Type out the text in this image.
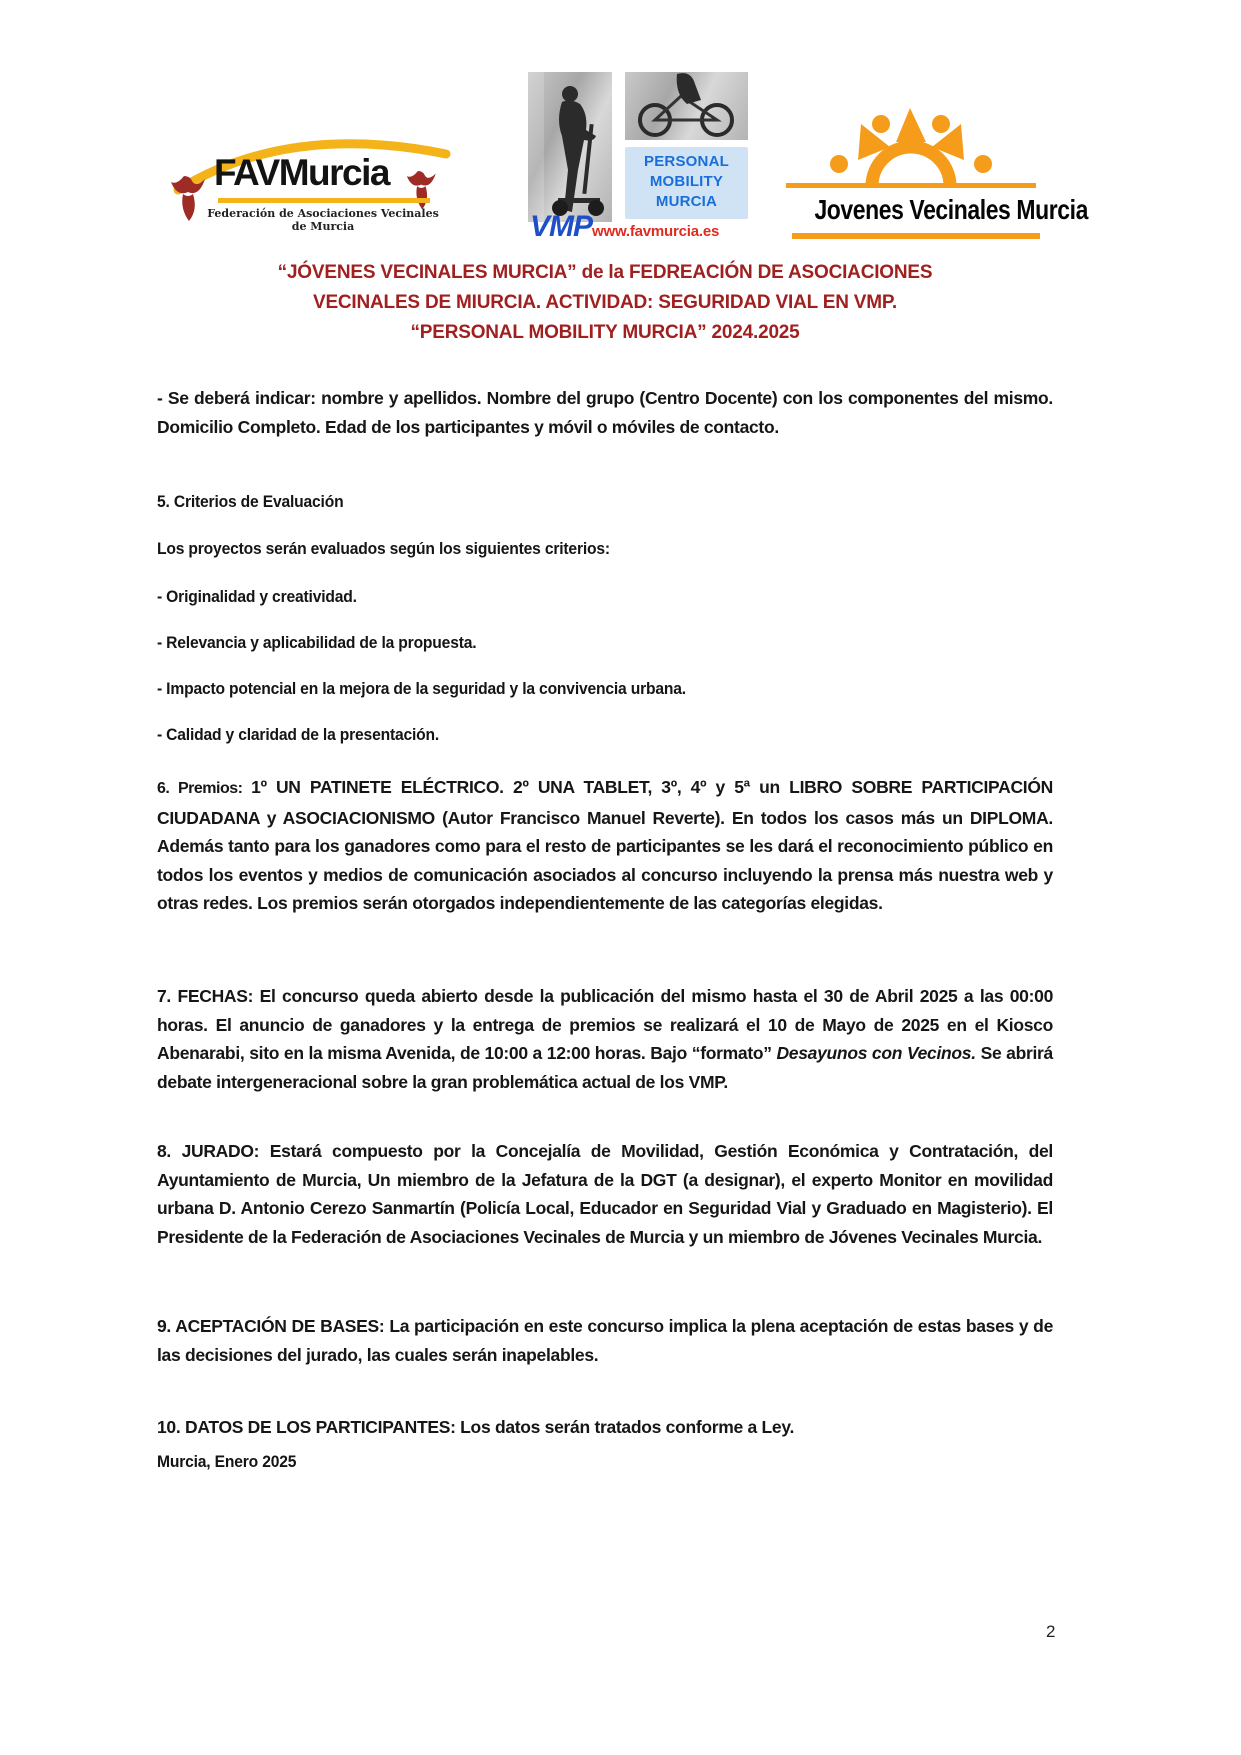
FAVMurcia
Federación de Asociaciones Vecinales de Murcia
PERSONAL
MOBILITY
MURCIA
VMPwww.favmurcia.es
Jovenes Vecinales Murcia
“JÓVENES VECINALES MURCIA” de la FEDREACIÓN DE ASOCIACIONES
VECINALES DE MIURCIA. ACTIVIDAD: SEGURIDAD VIAL EN VMP.
“PERSONAL MOBILITY MURCIA” 2024.2025
- Se deberá indicar: nombre y apellidos. Nombre del grupo (Centro Docente) con los componentes del mismo. Domicilio Completo. Edad de los participantes y móvil o móviles de contacto.
5. Criterios de Evaluación
Los proyectos serán evaluados según los siguientes criterios:
- Originalidad y creatividad.
- Relevancia y aplicabilidad de la propuesta.
- Impacto potencial en la mejora de la seguridad y la convivencia urbana.
- Calidad y claridad de la presentación.
6. Premios: 1º UN PATINETE ELÉCTRICO. 2º UNA TABLET, 3º, 4º y 5ª un LIBRO SOBRE PARTICIPACIÓN CIUDADANA y ASOCIACIONISMO (Autor Francisco Manuel Reverte). En todos los casos más un DIPLOMA. Además tanto para los ganadores como para el resto de participantes se les dará el reconocimiento público en todos los eventos y medios de comunicación asociados al concurso incluyendo la prensa más nuestra web y otras redes. Los premios serán otorgados independientemente de las categorías elegidas.
7. FECHAS: El concurso queda abierto desde la publicación del mismo hasta el 30 de Abril 2025 a las 00:00 horas. El anuncio de ganadores y la entrega de premios se realizará el 10 de Mayo de 2025 en el Kiosco Abenarabi, sito en la misma Avenida, de 10:00 a 12:00 horas. Bajo “formato” Desayunos con Vecinos. Se abrirá debate intergeneracional sobre la gran problemática actual de los VMP.
8. JURADO: Estará compuesto por la Concejalía de Movilidad, Gestión Económica y Contratación, del Ayuntamiento de Murcia, Un miembro de la Jefatura de la DGT (a designar), el experto Monitor en movilidad urbana D. Antonio Cerezo Sanmartín (Policía Local, Educador en Seguridad Vial y Graduado en Magisterio). El Presidente de la Federación de Asociaciones Vecinales de Murcia y un miembro de Jóvenes Vecinales Murcia.
9. ACEPTACIÓN DE BASES: La participación en este concurso implica la plena aceptación de estas bases y de las decisiones del jurado, las cuales serán inapelables.
10. DATOS DE LOS PARTICIPANTES: Los datos serán tratados conforme a Ley.
Murcia, Enero 2025
2
